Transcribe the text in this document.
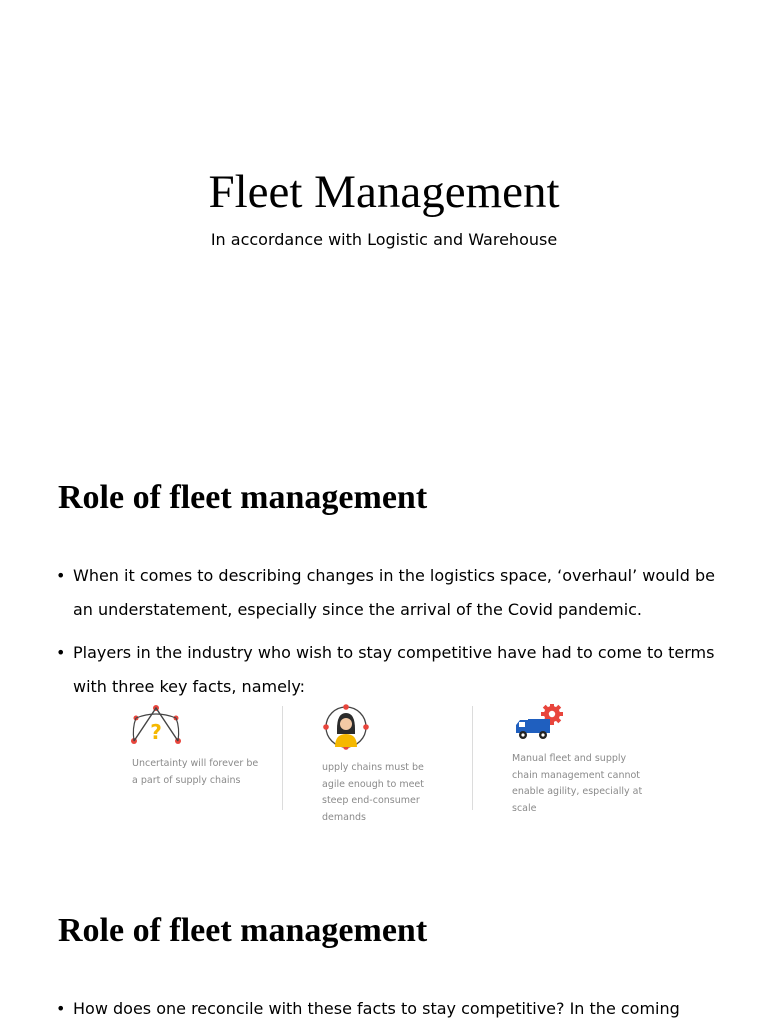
Fleet Management

In accordance with Logistic and Warehouse

Role of fleet management
• When it comes to describing changes in the logistics space, ‘overhaul’ would be an understatement, especially since the arrival of the Covid pandemic.
• Players in the industry who wish to stay competitive have had to come to terms with three key facts, namely:
?

Uncertainty will forever be a part of supply chains

upply chains must be agile enough to meet steep end-consumer demands

Manual fleet and supply chain management cannot enable agility, especially at scale

Role of fleet management
• How does one reconcile with these facts to stay competitive? In the coming
